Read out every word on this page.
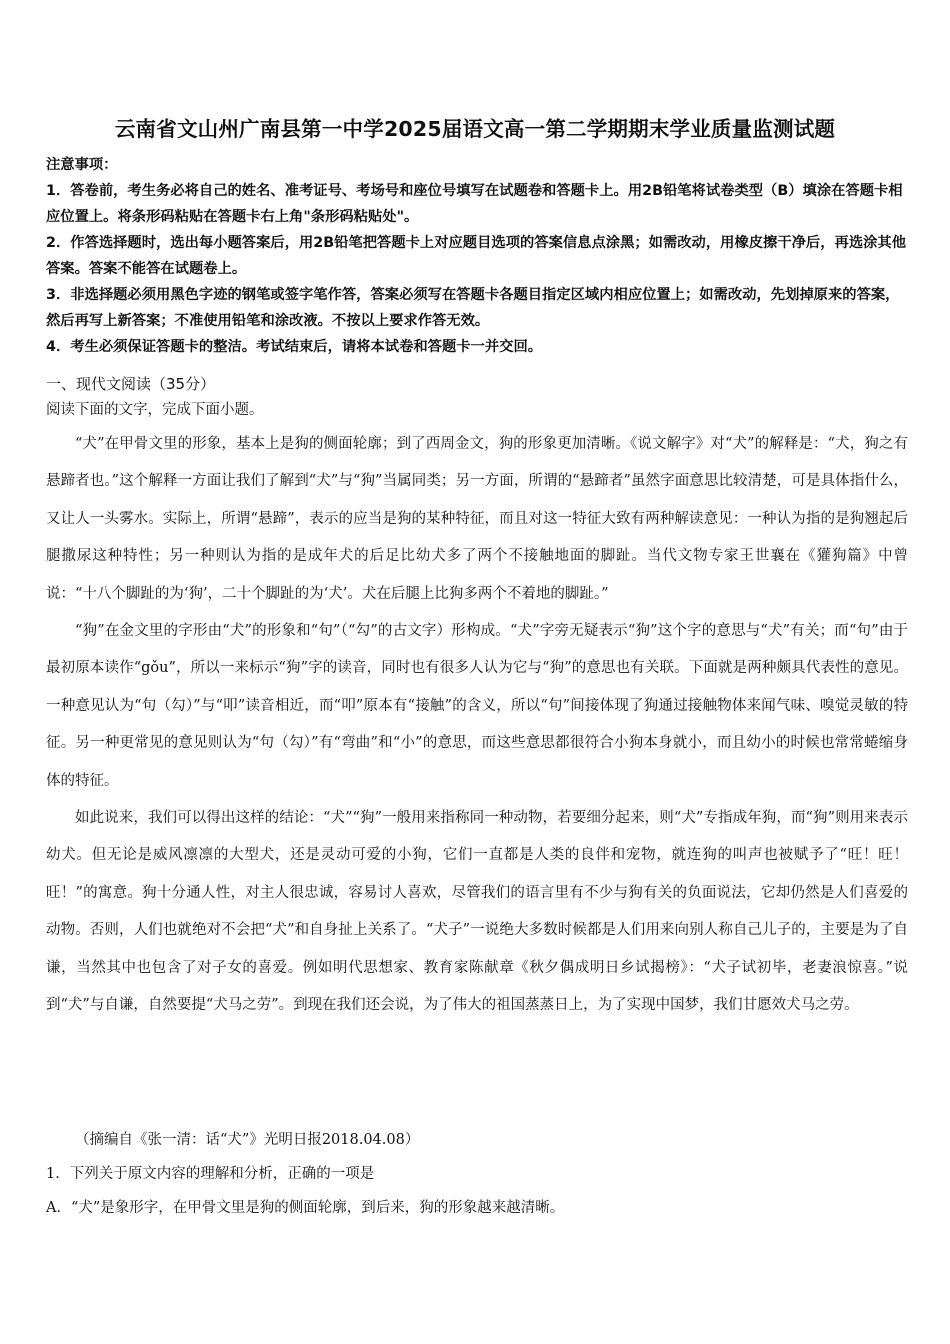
云南省文山州广南县第一中学2025届语文高一第二学期期末学业质量监测试题
注意事项：
1．答卷前，考生务必将自己的姓名、准考证号、考场号和座位号填写在试题卷和答题卡上。用2B铅笔将试卷类型（B）填涂在答题卡相应位置上。将条形码粘贴在答题卡右上角"条形码粘贴处"。
2．作答选择题时，选出每小题答案后，用2B铅笔把答题卡上对应题目选项的答案信息点涂黑；如需改动，用橡皮擦干净后，再选涂其他答案。答案不能答在试题卷上。
3．非选择题必须用黑色字迹的钢笔或签字笔作答，答案必须写在答题卡各题目指定区域内相应位置上；如需改动，先划掉原来的答案，然后再写上新答案；不准使用铅笔和涂改液。不按以上要求作答无效。
4．考生必须保证答题卡的整洁。考试结束后，请将本试卷和答题卡一并交回。
一、现代文阅读（35分）
阅读下面的文字，完成下面小题。

“犬”在甲骨文里的形象，基本上是狗的侧面轮廓；到了西周金文，狗的形象更加清晰。《说文解字》对“犬”的解释是：“犬，狗之有悬蹄者也。”这个解释一方面让我们了解到“犬”与“狗”当属同类；另一方面，所谓的“悬蹄者”虽然字面意思比较清楚，可是具体指什么，又让人一头雾水。实际上，所谓“悬蹄”，表示的应当是狗的某种特征，而且对这一特征大致有两种解读意见：一种认为指的是狗翘起后腿撒尿这种特性；另一种则认为指的是成年犬的后足比幼犬多了两个不接触地面的脚趾。当代文物专家王世襄在《獾狗篇》中曾说：“十八个脚趾的为‘狗’，二十个脚趾的为‘犬’。犬在后腿上比狗多两个不着地的脚趾。”

“狗”在金文里的字形由“犬”的形象和“句”（“勾”的古文字）形构成。“犬”字旁无疑表示“狗”这个字的意思与“犬”有关；而“句”由于最初原本读作“gǒu”，所以一来标示“狗”字的读音，同时也有很多人认为它与“狗”的意思也有关联。下面就是两种颇具代表性的意见。一种意见认为“句（勾）”与“叩”读音相近，而“叩”原本有“接触”的含义，所以“句”间接体现了狗通过接触物体来闻气味、嗅觉灵敏的特征。另一种更常见的意见则认为“句（勾）”有“弯曲”和“小”的意思，而这些意思都很符合小狗本身就小，而且幼小的时候也常常蜷缩身体的特征。

如此说来，我们可以得出这样的结论：“犬”“狗”一般用来指称同一种动物，若要细分起来，则“犬”专指成年狗，而“狗”则用来表示幼犬。但无论是威风凛凛的大型犬，还是灵动可爱的小狗，它们一直都是人类的良伴和宠物，就连狗的叫声也被赋予了“旺！旺！旺！”的寓意。狗十分通人性，对主人很忠诚，容易讨人喜欢，尽管我们的语言里有不少与狗有关的负面说法，它却仍然是人们喜爱的动物。否则，人们也就绝对不会把“犬”和自身扯上关系了。“犬子”一说绝大多数时候都是人们用来向别人称自己儿子的，主要是为了自谦，当然其中也包含了对子女的喜爱。例如明代思想家、教育家陈献章《秋夕偶成明日乡试揭榜》：“犬子试初毕，老妻浪惊喜。”说到“犬”与自谦，自然要提“犬马之劳”。到现在我们还会说，为了伟大的祖国蒸蒸日上，为了实现中国梦，我们甘愿效犬马之劳。

（摘编自《张一清：话“犬”》光明日报2018.04.08）
1．下列关于原文内容的理解和分析，正确的一项是
A．“犬”是象形字，在甲骨文里是狗的侧面轮廓，到后来，狗的形象越来越清晰。
